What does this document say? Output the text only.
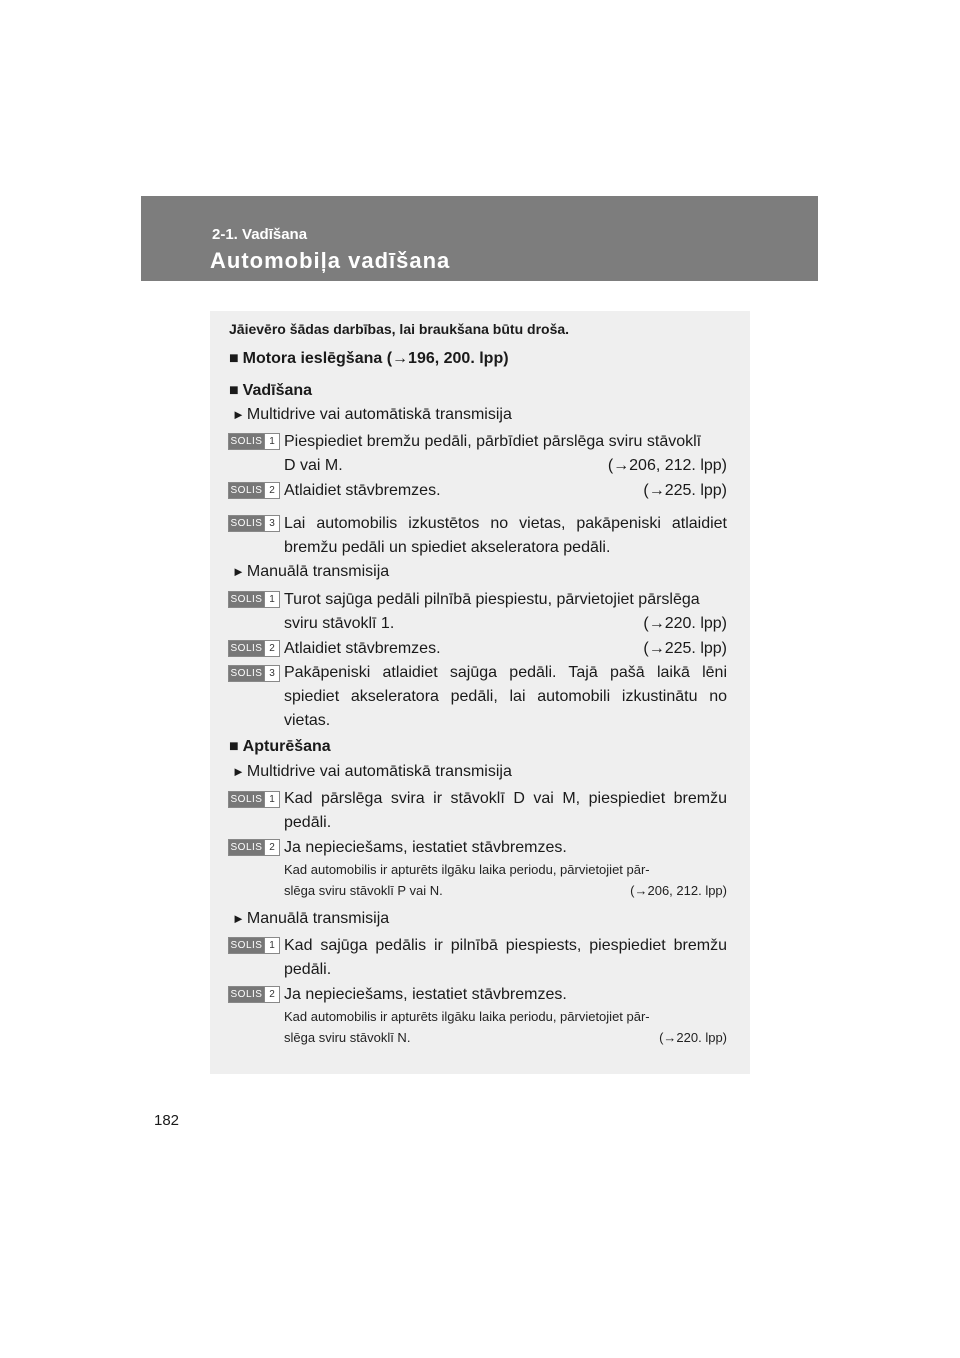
2-1. Vadīšana
Automobiļa vadīšana
Jāievēro šādas darbības, lai braukšana būtu droša.
■ Motora ieslēgšana (→196, 200. lpp)
■ Vadīšana
► Multidrive vai automātiskā transmisija
SOLIS 1 Piespiediet bremžu pedāli, pārbīdiet pārslēga sviru stāvoklī
D vai M.	(→206, 212. lpp)
SOLIS 2 Atlaidiet stāvbremzes.	(→225. lpp)
SOLIS 3 Lai automobilis izkustētos no vietas, pakāpeniski atlaidiet bremžu pedāli un spiediet akseleratora pedāli.
► Manuālā transmisija
SOLIS 1 Turot sajūga pedāli pilnībā piespiestu, pārvietojiet pārslēga
sviru stāvoklī 1.	(→220. lpp)
SOLIS 2 Atlaidiet stāvbremzes.	(→225. lpp)
SOLIS 3 Pakāpeniski atlaidiet sajūga pedāli. Tajā pašā laikā lēni spiediet akseleratora pedāli, lai automobili izkustinātu no vietas.
■ Apturēšana
► Multidrive vai automātiskā transmisija
SOLIS 1 Kad pārslēga svira ir stāvoklī D vai M, piespiediet bremžu pedāli.
SOLIS 2 Ja nepieciešams, iestatiet stāvbremzes.
Kad automobilis ir apturēts ilgāku laika periodu, pārvietojiet pār-
slēga sviru stāvoklī P vai N.	(→206, 212. lpp)
► Manuālā transmisija
SOLIS 1 Kad sajūga pedālis ir pilnībā piespiests, piespiediet bremžu pedāli.
SOLIS 2 Ja nepieciešams, iestatiet stāvbremzes.
Kad automobilis ir apturēts ilgāku laika periodu, pārvietojiet pār-
slēga sviru stāvoklī N.	(→220. lpp)
182
